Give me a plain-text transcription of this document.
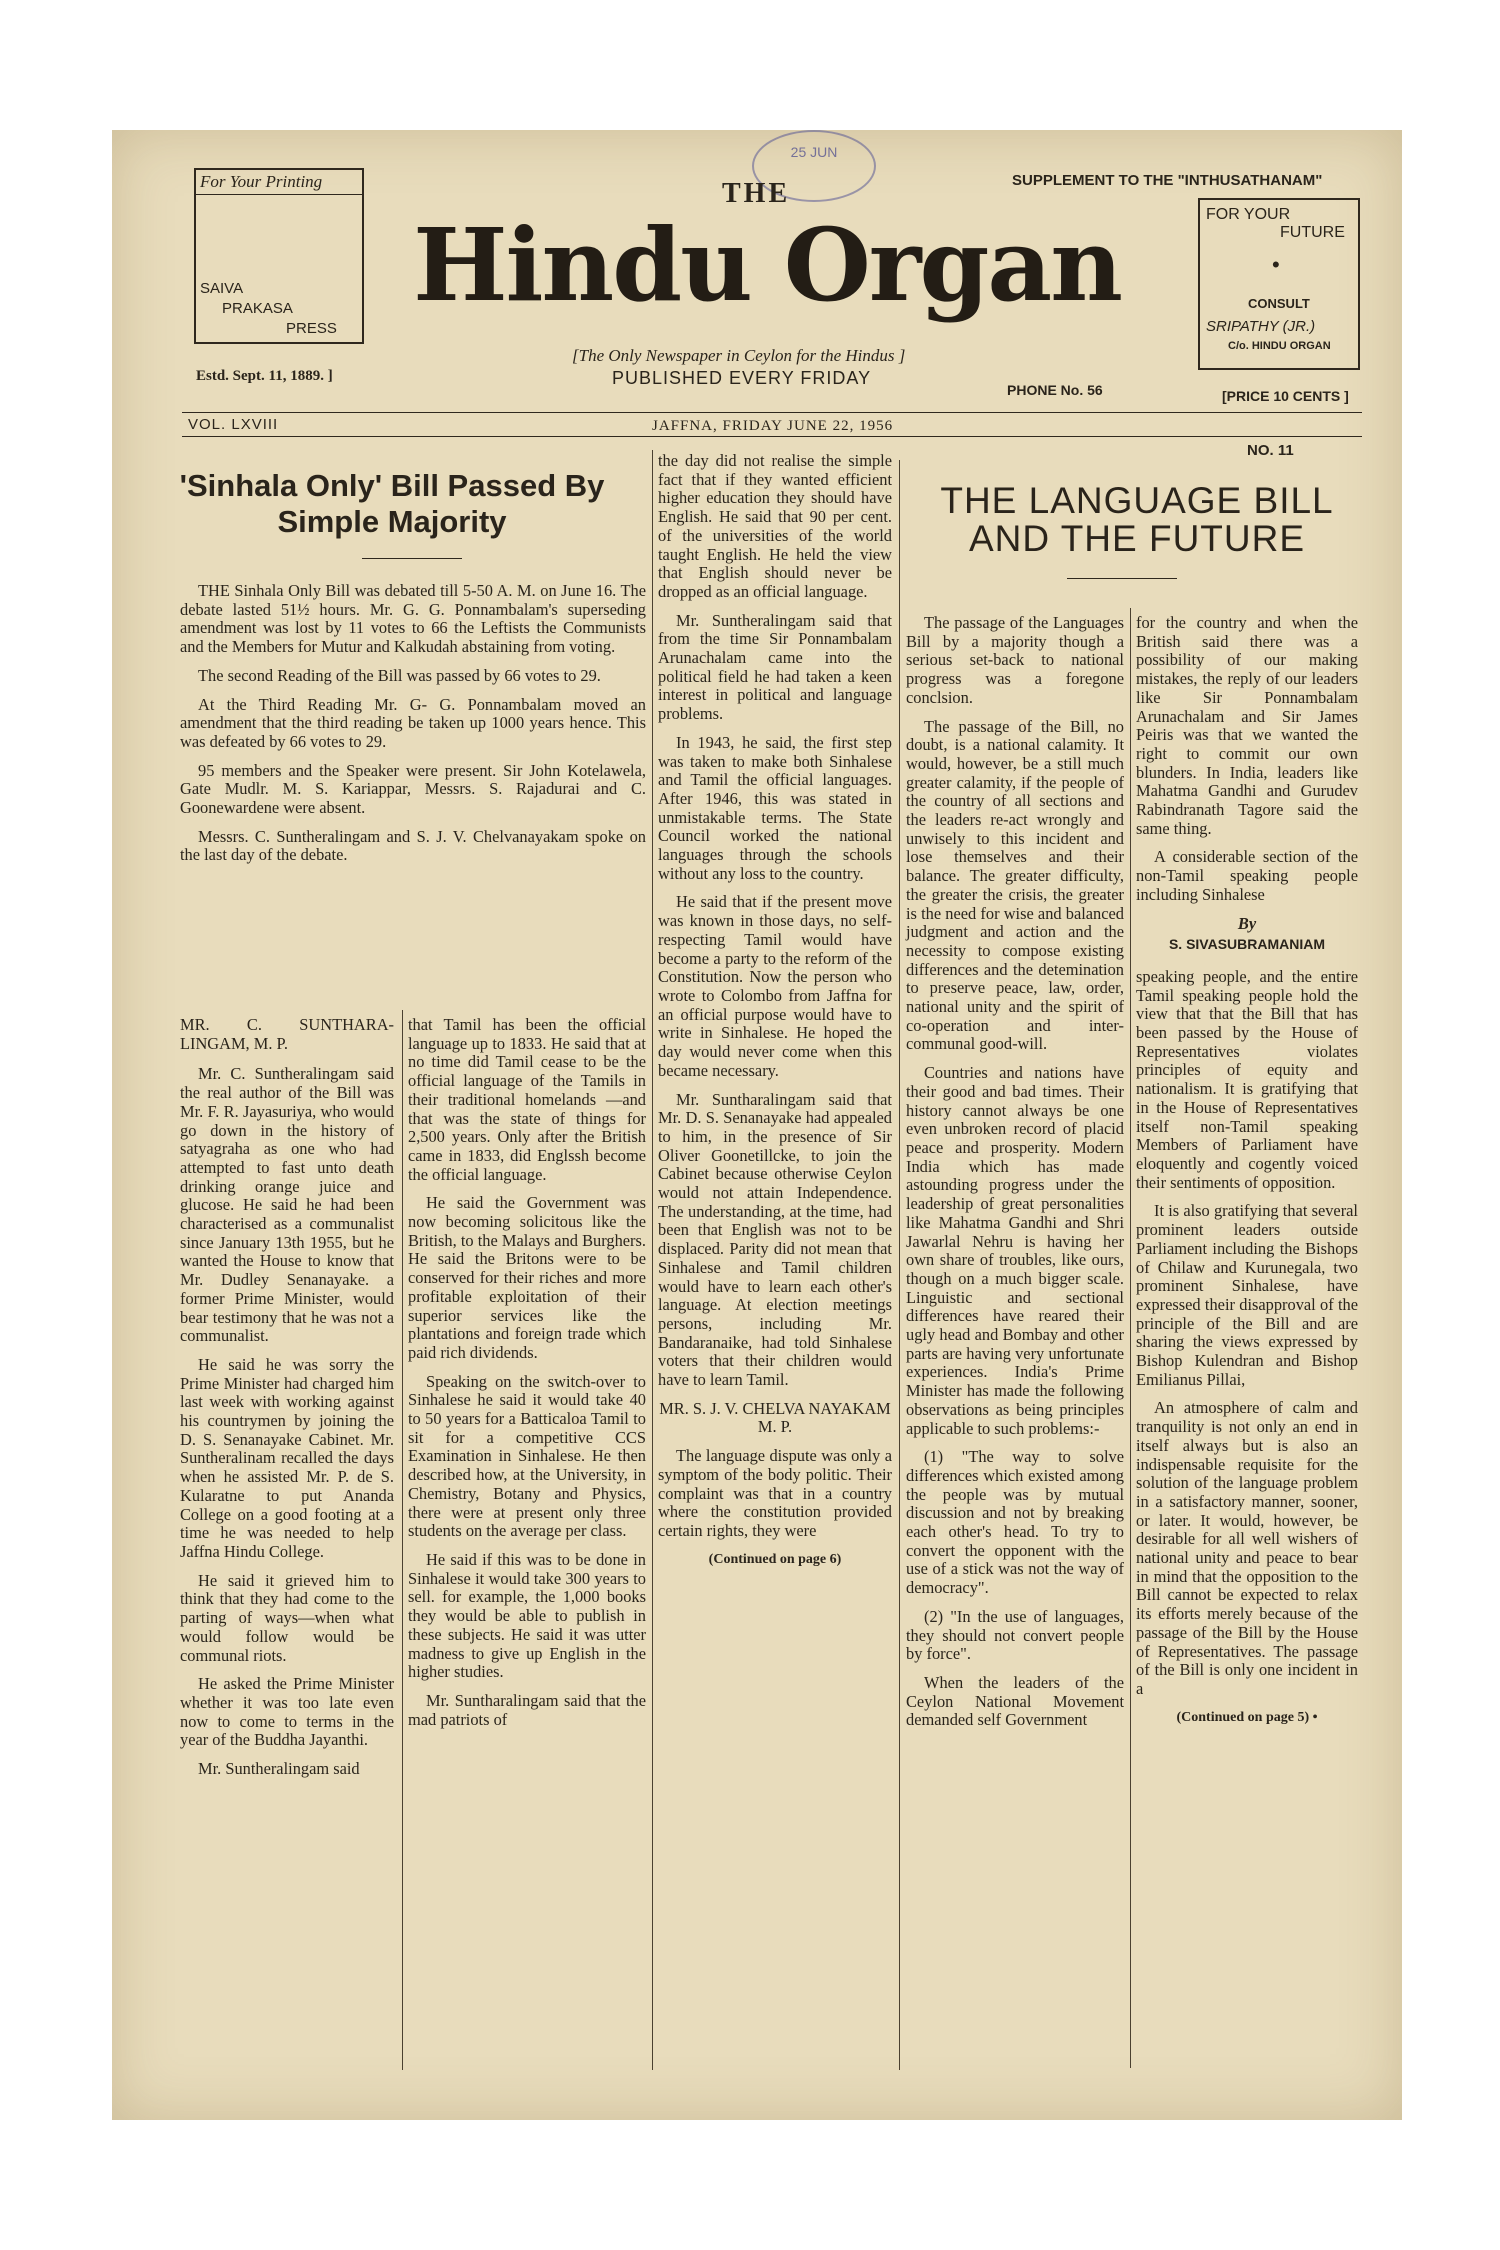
For Your Printing
SAIVA
PRAKASA
PRESS
Estd. Sept. 11, 1889. ]
25 JUN
SUPPLEMENT TO THE "INTHUSATHANAM"
THE
Hindu Organ
[The Only Newspaper in Ceylon for the Hindus ]
PUBLISHED EVERY FRIDAY
PHONE No. 56	[PRICE 10 CENTS ]
FOR YOUR
FUTURE
•
CONSULT
SRIPATHY (JR.)
C/o. HINDU ORGAN
VOL. LXVIII	JAFFNA, FRIDAY JUNE 22, 1956
NO. 11
'Sinhala Only' Bill Passed By Simple Majority

THE Sinhala Only Bill was debated till 5-50 A. M. on June 16. The debate lasted 51½ hours. Mr. G. G. Ponnambalam's superseding amendment was lost by 11 votes to 66 the Leftists the Communists and the Members for Mutur and Kalkudah abstaining from voting.

The second Reading of the Bill was passed by 66 votes to 29.

At the Third Reading Mr. G- G. Ponnambalam moved an amendment that the third reading be taken up 1000 years hence. This was defeated by 66 votes to 29.

95 members and the Speaker were present. Sir John Kotelawela, Gate Mudlr. M. S. Kariappar, Messrs. S. Rajadurai and C. Goonewardene were absent.

Messrs. C. Suntheralingam and S. J. V. Chelvanayakam spoke on the last day of the debate.

MR. C. SUNTHARA-LINGAM, M. P.

Mr. C. Suntheralingam said the real author of the Bill was Mr. F. R. Jayasuriya, who would go down in the history of satyagraha as one who had attempted to fast unto death drinking orange juice and glucose. He said he had been characterised as a communalist since January 13th 1955, but he wanted the House to know that Mr. Dudley Senanayake. a former Prime Minister, would bear testimony that he was not a communalist.

He said he was sorry the Prime Minister had charged him last week with working against his countrymen by joining the D. S. Senanayake Cabinet. Mr. Suntheralinam recalled the days when he assisted Mr. P. de S. Kularatne to put Ananda College on a good footing at a time he was needed to help Jaffna Hindu College.

He said it grieved him to think that they had come to the parting of ways—when what would follow would be communal riots.

He asked the Prime Minister whether it was too late even now to come to terms in the year of the Buddha Jayanthi.

Mr. Suntheralingam said

that Tamil has been the official language up to 1833. He said that at no time did Tamil cease to be the official language of the Tamils in their traditional homelands —and that was the state of things for 2,500 years. Only after the British came in 1833, did Englssh become the official language.

He said the Government was now becoming solicitous like the British, to the Malays and Burghers. He said the Britons were to be conserved for their riches and more profitable exploitation of their superior services like the plantations and foreign trade which paid rich dividends.

Speaking on the switch-over to Sinhalese he said it would take 40 to 50 years for a Batticaloa Tamil to sit for a competitive CCS Examination in Sinhalese. He then described how, at the University, in Chemistry, Botany and Physics, there were at present only three students on the average per class.

He said if this was to be done in Sinhalese it would take 300 years to sell. for example, the 1,000 books they would be able to publish in these subjects. He said it was utter madness to give up English in the higher studies.

Mr. Suntharalingam said that the mad patriots of

the day did not realise the simple fact that if they wanted efficient higher education they should have English. He said that 90 per cent. of the universities of the world taught English. He held the view that English should never be dropped as an official language.

Mr. Suntheralingam said that from the time Sir Ponnambalam Arunachalam came into the political field he had taken a keen interest in political and language problems.

In 1943, he said, the first step was taken to make both Sinhalese and Tamil the official languages. After 1946, this was stated in unmistakable terms. The State Council worked the national languages through the schools without any loss to the country.

He said that if the present move was known in those days, no self-respecting Tamil would have become a party to the reform of the Constitution. Now the person who wrote to Colombo from Jaffna for an official purpose would have to write in Sinhalese. He hoped the day would never come when this became necessary.

Mr. Suntharalingam said that Mr. D. S. Senanayake had appealed to him, in the presence of Sir Oliver Goonetillcke, to join the Cabinet because otherwise Ceylon would not attain Independence. The understanding, at the time, had been that English was not to be displaced. Parity did not mean that Sinhalese and Tamil children would have to learn each other's language. At election meetings persons, including Mr. Bandaranaike, had told Sinhalese voters that their children would have to learn Tamil.

MR. S. J. V. CHELVA NAYAKAM M. P.

The language dispute was only a symptom of the body politic. Their complaint was that in a country where the constitution provided certain rights, they were

(Continued on page 6)

THE LANGUAGE BILL AND THE FUTURE

The passage of the Languages Bill by a majority though a serious set-back to national progress was a foregone conclsion.

The passage of the Bill, no doubt, is a national calamity. It would, however, be a still much greater calamity, if the people of the country of all sections and the leaders re-act wrongly and unwisely to this incident and lose themselves and their balance. The greater difficulty, the greater the crisis, the greater is the need for wise and balanced judgment and action and the necessity to compose existing differences and the detemination to preserve peace, law, order, national unity and the spirit of co-operation and inter-communal good-will.

Countries and nations have their good and bad times. Their history cannot always be one even unbroken record of placid peace and prosperity. Modern India which has made astounding progress under the leadership of great personalities like Mahatma Gandhi and Shri Jawarlal Nehru is having her own share of troubles, like ours, though on a much bigger scale. Linguistic and sectional differences have reared their ugly head and Bombay and other parts are having very unfortunate experiences. India's Prime Minister has made the following observations as being principles applicable to such problems:-

(1) "The way to solve differences which existed among the people was by mutual discussion and not by breaking each other's head. To try to convert the opponent with the use of a stick was not the way of democracy".

(2) "In the use of languages, they should not convert people by force".

When the leaders of the Ceylon National Movement demanded self Government

for the country and when the British said there was a possibility of our making mistakes, the reply of our leaders like Sir Ponnambalam Arunachalam and Sir James Peiris was that we wanted the right to commit our own blunders. In India, leaders like Mahatma Gandhi and Gurudev Rabindranath Tagore said the same thing.

A considerable section of the non-Tamil speaking people including Sinhalese

By

S. SIVASUBRAMANIAM

speaking people, and the entire Tamil speaking people hold the view that that the Bill that has been passed by the House of Representatives violates principles of equity and nationalism. It is gratifying that in the House of Representatives itself non-Tamil speaking Members of Parliament have eloquently and cogently voiced their sentiments of opposition.

It is also gratifying that several prominent leaders outside Parliament including the Bishops of Chilaw and Kurunegala, two prominent Sinhalese, have expressed their disapproval of the principle of the Bill and are sharing the views expressed by Bishop Kulendran and Bishop Emilianus Pillai,

An atmosphere of calm and tranquility is not only an end in itself always but is also an indispensable requisite for the solution of the language problem in a satisfactory manner, sooner, or later. It would, however, be desirable for all well wishers of national unity and peace to bear in mind that the opposition to the Bill cannot be expected to relax its efforts merely because of the passage of the Bill by the House of Representatives. The passage of the Bill is only one incident in a

(Continued on page 5) •
